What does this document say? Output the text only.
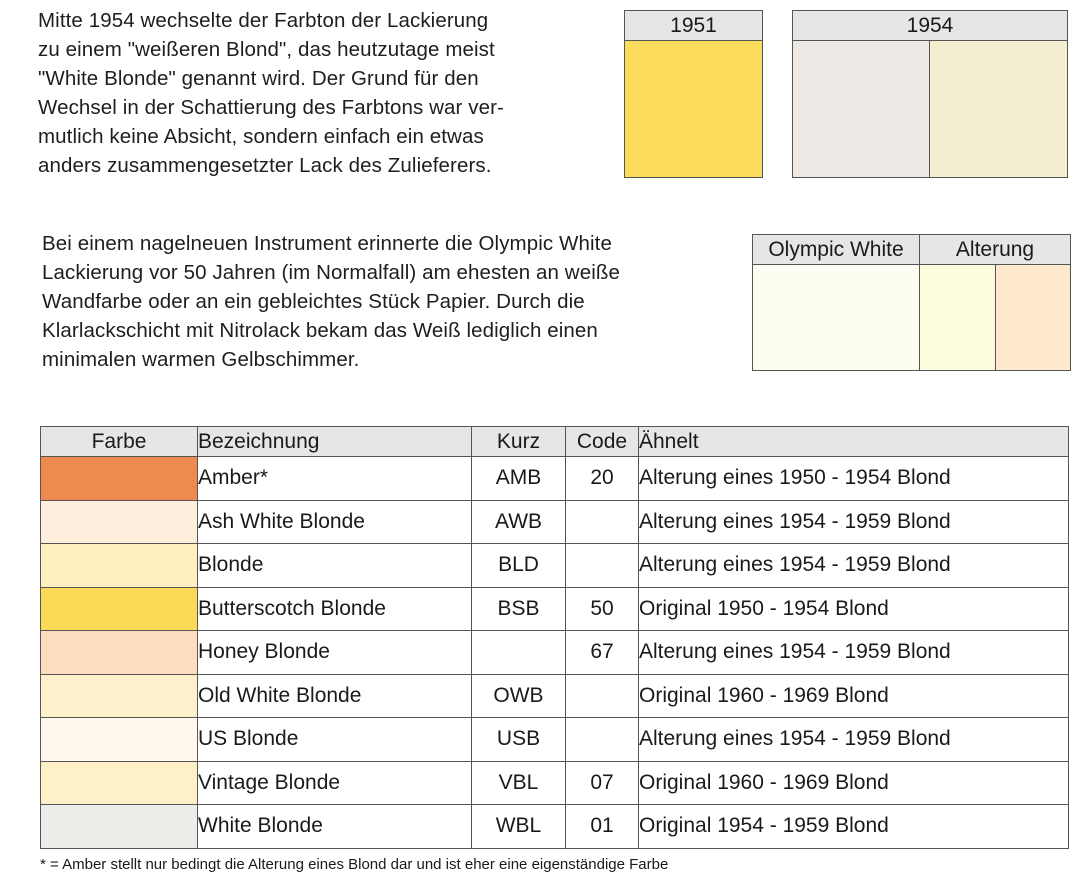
Mitte 1954 wechselte der Farbton der Lackierung
zu einem "weißeren Blond", das heutzutage meist
"White Blonde" genannt wird. Der Grund für den
Wechsel in der Schattierung des Farbtons war ver-
mutlich keine Absicht, sondern einfach ein etwas
anders zusammengesetzter Lack des Zulieferers.

1951	1954

Bei einem nagelneuen Instrument erinnerte die Olympic White
Lackierung vor 50 Jahren (im Normalfall) am ehesten an weiße
Wandfarbe oder an ein gebleichtes Stück Papier. Durch die
Klarlackschicht mit Nitrolack bekam das Weiß lediglich einen
minimalen warmen Gelbschimmer.

Olympic White	Alterung
Farbe	Bezeichnung	Kurz	Code	Ähnelt
	Amber*	AMB	20	Alterung eines 1950 - 1954 Blond
	Ash White Blonde	AWB		Alterung eines 1954 - 1959 Blond
	Blonde	BLD		Alterung eines 1954 - 1959 Blond
	Butterscotch Blonde	BSB	50	Original 1950 - 1954 Blond
	Honey Blonde		67	Alterung eines 1954 - 1959 Blond
	Old White Blonde	OWB		Original 1960 - 1969 Blond
	US Blonde	USB		Alterung eines 1954 - 1959 Blond
	Vintage Blonde	VBL	07	Original 1960 - 1969 Blond
	White Blonde	WBL	01	Original 1954 - 1959 Blond
* = Amber stellt nur bedingt die Alterung eines Blond dar und ist eher eine eigenständige Farbe
